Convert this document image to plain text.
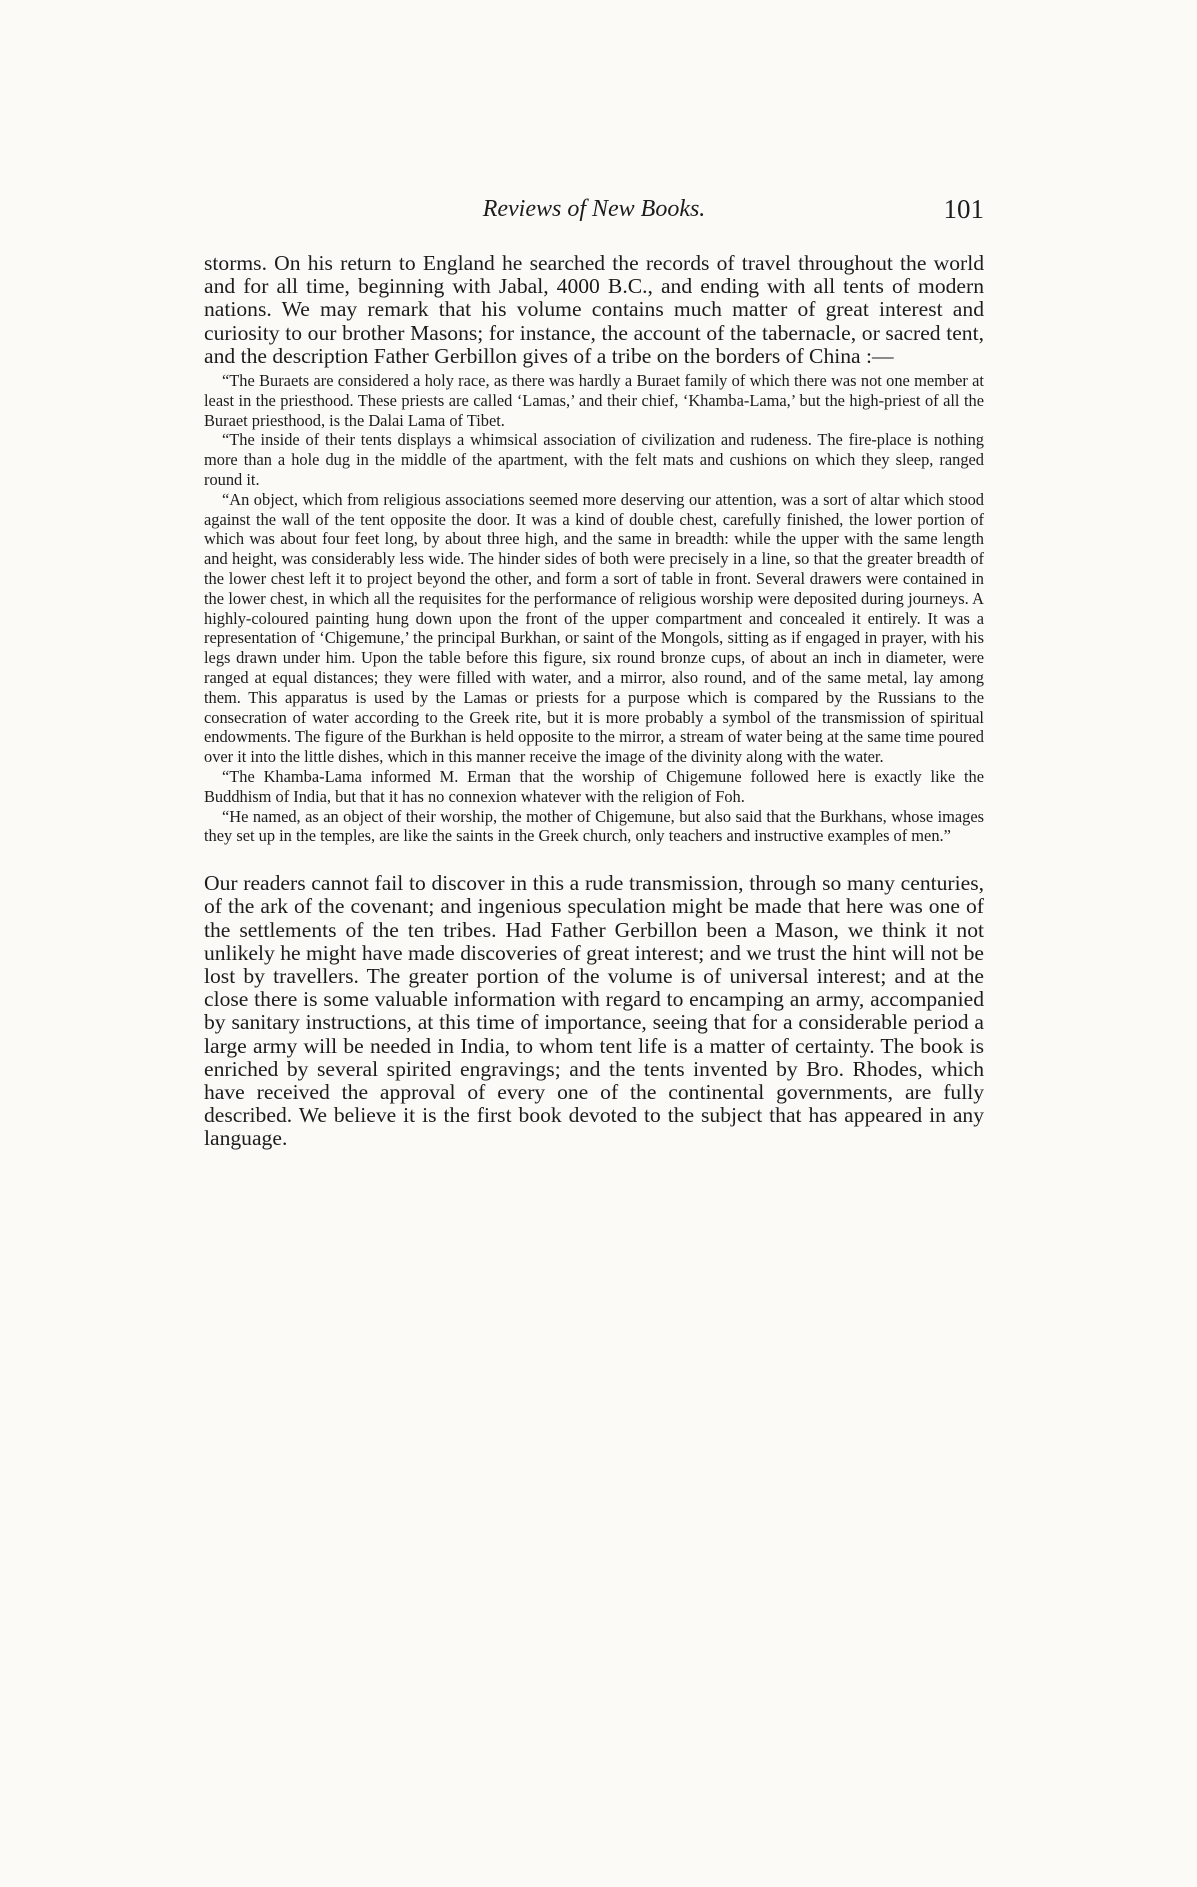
Reviews of New Books.	101

storms. On his return to England he searched the records of travel throughout the world and for all time, beginning with Jabal, 4000 B.C., and ending with all tents of modern nations. We may remark that his volume contains much matter of great interest and curiosity to our brother Masons; for instance, the account of the tabernacle, or sacred tent, and the description Father Gerbillon gives of a tribe on the borders of China :—

“The Buraets are considered a holy race, as there was hardly a Buraet family of which there was not one member at least in the priesthood. These priests are called ‘Lamas,’ and their chief, ‘Khamba-Lama,’ but the high-priest of all the Buraet priesthood, is the Dalai Lama of Tibet.

“The inside of their tents displays a whimsical association of civilization and rudeness. The fire-place is nothing more than a hole dug in the middle of the apartment, with the felt mats and cushions on which they sleep, ranged round it.

“An object, which from religious associations seemed more deserving our attention, was a sort of altar which stood against the wall of the tent opposite the door. It was a kind of double chest, carefully finished, the lower portion of which was about four feet long, by about three high, and the same in breadth: while the upper with the same length and height, was considerably less wide. The hinder sides of both were precisely in a line, so that the greater breadth of the lower chest left it to project beyond the other, and form a sort of table in front. Several drawers were contained in the lower chest, in which all the requisites for the performance of religious worship were deposited during journeys. A highly-coloured painting hung down upon the front of the upper compartment and concealed it entirely. It was a representation of ‘Chigemune,’ the principal Burkhan, or saint of the Mongols, sitting as if engaged in prayer, with his legs drawn under him. Upon the table before this figure, six round bronze cups, of about an inch in diameter, were ranged at equal distances; they were filled with water, and a mirror, also round, and of the same metal, lay among them. This apparatus is used by the Lamas or priests for a purpose which is compared by the Russians to the consecration of water according to the Greek rite, but it is more probably a symbol of the transmission of spiritual endowments. The figure of the Burkhan is held opposite to the mirror, a stream of water being at the same time poured over it into the little dishes, which in this manner receive the image of the divinity along with the water.

“The Khamba-Lama informed M. Erman that the worship of Chigemune followed here is exactly like the Buddhism of India, but that it has no connexion whatever with the religion of Foh.

“He named, as an object of their worship, the mother of Chigemune, but also said that the Burkhans, whose images they set up in the temples, are like the saints in the Greek church, only teachers and instructive examples of men.”

Our readers cannot fail to discover in this a rude transmission, through so many centuries, of the ark of the covenant; and ingenious speculation might be made that here was one of the settlements of the ten tribes. Had Father Gerbillon been a Mason, we think it not unlikely he might have made discoveries of great interest; and we trust the hint will not be lost by travellers. The greater portion of the volume is of universal interest; and at the close there is some valuable information with regard to encamping an army, accompanied by sanitary instructions, at this time of importance, seeing that for a considerable period a large army will be needed in India, to whom tent life is a matter of certainty. The book is enriched by several spirited engravings; and the tents invented by Bro. Rhodes, which have received the approval of every one of the continental governments, are fully described. We believe it is the first book devoted to the subject that has appeared in any language.
